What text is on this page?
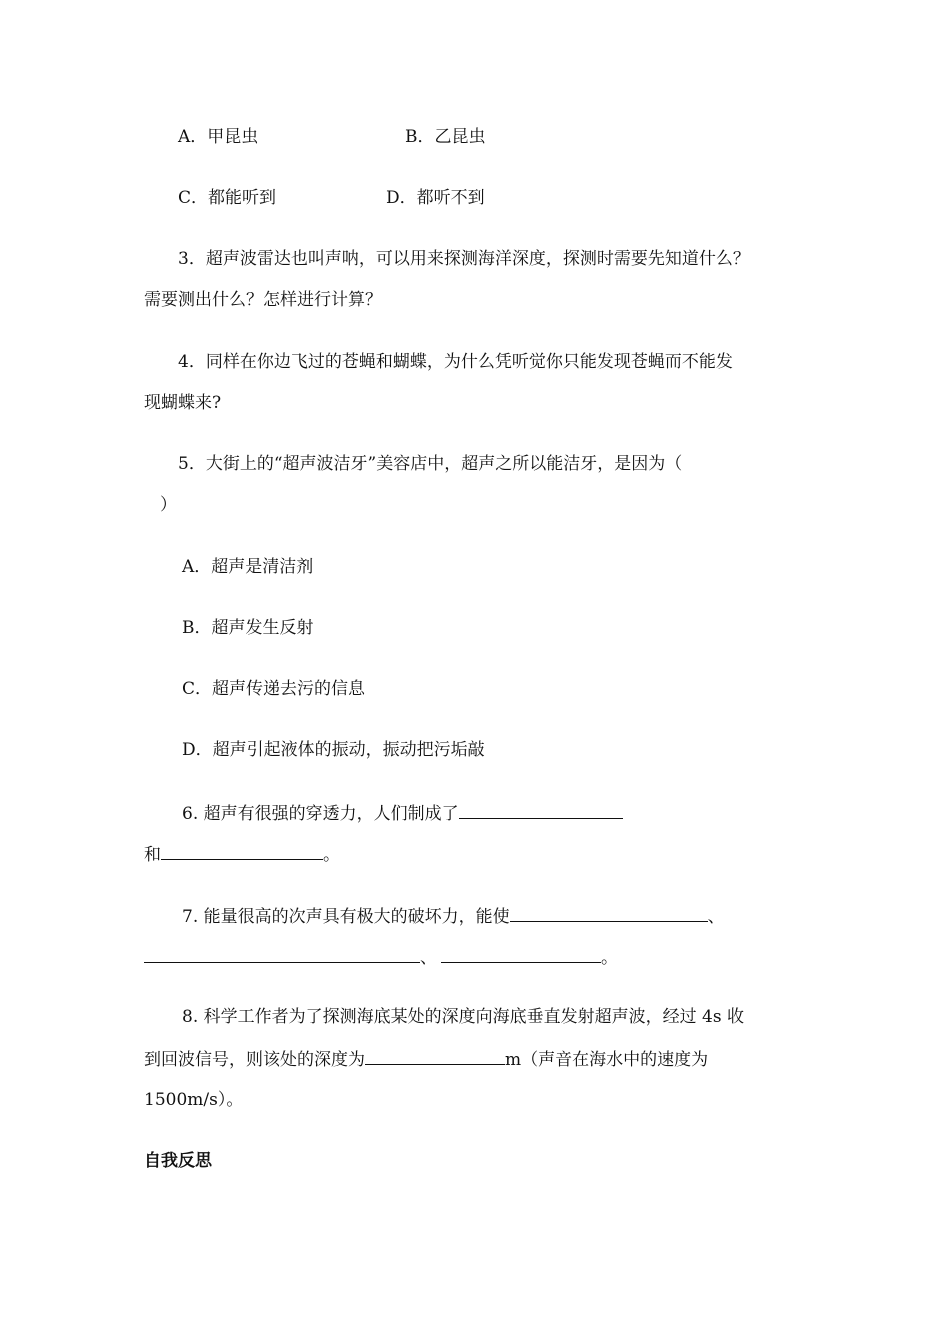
A．甲昆虫	B．乙昆虫
C．都能听到	D．都听不到
3．超声波雷达也叫声呐，可以用来探测海洋深度，探测时需要先知道什么？
需要测出什么？怎样进行计算？
4．同样在你边飞过的苍蝇和蝴蝶，为什么凭听觉你只能发现苍蝇而不能发
现蝴蝶来?
5．大街上的“超声波洁牙”美容店中，超声之所以能洁牙，是因为（
）
A．超声是清洁剂
B．超声发生反射
C．超声传递去污的信息
D．超声引起液体的振动，振动把污垢敲
6. 超声有很强的穿透力，人们制成了
和	。
7. 能量很高的次声具有极大的破坏力，能使	、
、	。
8. 科学工作者为了探测海底某处的深度向海底垂直发射超声波，经过 4s 收
到回波信号，则该处的深度为	m（声音在海水中的速度为
1500m/s）。
自我反思
